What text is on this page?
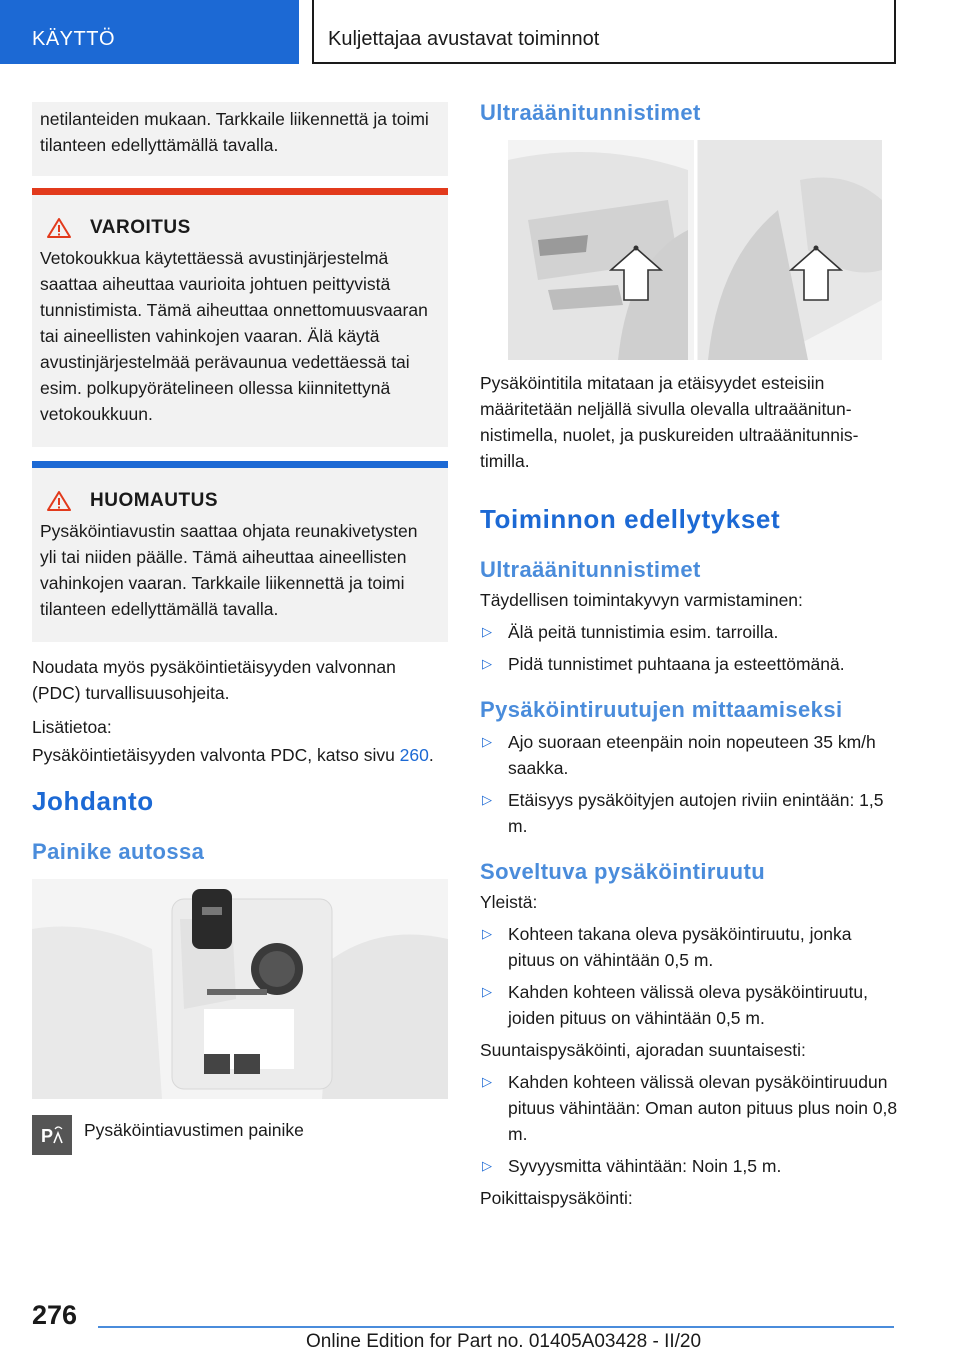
KÄYTTÖ	Kuljettajaa avustavat toiminnot
netilanteiden mukaan. Tarkkaile liikennettä ja toimi tilanteen edellyttämällä tavalla.
VAROITUS
Vetokoukkua käytettäessä avustinjärjestelmä saattaa aiheuttaa vaurioita johtuen peittyvistä tunnistimista. Tämä aiheuttaa onnettomuusvaaran tai aineellisten vahinkojen vaaran. Älä käytä avustinjärjestelmää perävaunua vedettäessä tai esim. polkupyörätelineen ollessa kiinnitettynä vetokoukkuun.
HUOMAUTUS
Pysäköintiavustin saattaa ohjata reunakivetysten yli tai niiden päälle. Tämä aiheuttaa aineellisten vahinkojen vaaran. Tarkkaile liikennettä ja toimi tilanteen edellyttämällä tavalla.

Noudata myös pysäköintietäisyyden valvonnan (PDC) turvallisuusohjeita.

Lisätietoa:

Pysäköintietäisyyden valvonta PDC, katso sivu 260.

Johdanto
Painike autossa
P Pysäköintiavustimen painike
Ultraäänitunnistimet

Pysäköintitila mitataan ja etäisyydet esteisiin määritetään neljällä sivulla olevalla ultraäänitunnistimella, nuolet, ja puskureiden ultraäänitunnistimilla.

Toiminnon edellytykset
Ultraäänitunnistimet

Täydellisen toimintakyvyn varmistaminen:

▷ Älä peitä tunnistimia esim. tarroilla.
▷ Pidä tunnistimet puhtaana ja esteettömänä.
Pysäköintiruutujen mittaamiseksi
▷ Ajo suoraan eteenpäin noin nopeuteen 35 km/h saakka.
▷ Etäisyys pysäköityjen autojen riviin enintään: 1,5 m.
Soveltuva pysäköintiruutu

Yleistä:

▷ Kohteen takana oleva pysäköintiruutu, jonka pituus on vähintään 0,5 m.
▷ Kahden kohteen välissä oleva pysäköintiruutu, joiden pituus on vähintään 0,5 m.

Suuntaispysäköinti, ajoradan suuntaisesti:

▷ Kahden kohteen välissä olevan pysäköintiruudun pituus vähintään: Oman auton pituus plus noin 0,8 m.
▷ Syvyysmitta vähintään: Noin 1,5 m.

Poikittaispysäköinti:

276
Online Edition for Part no. 01405A03428 - II/20
